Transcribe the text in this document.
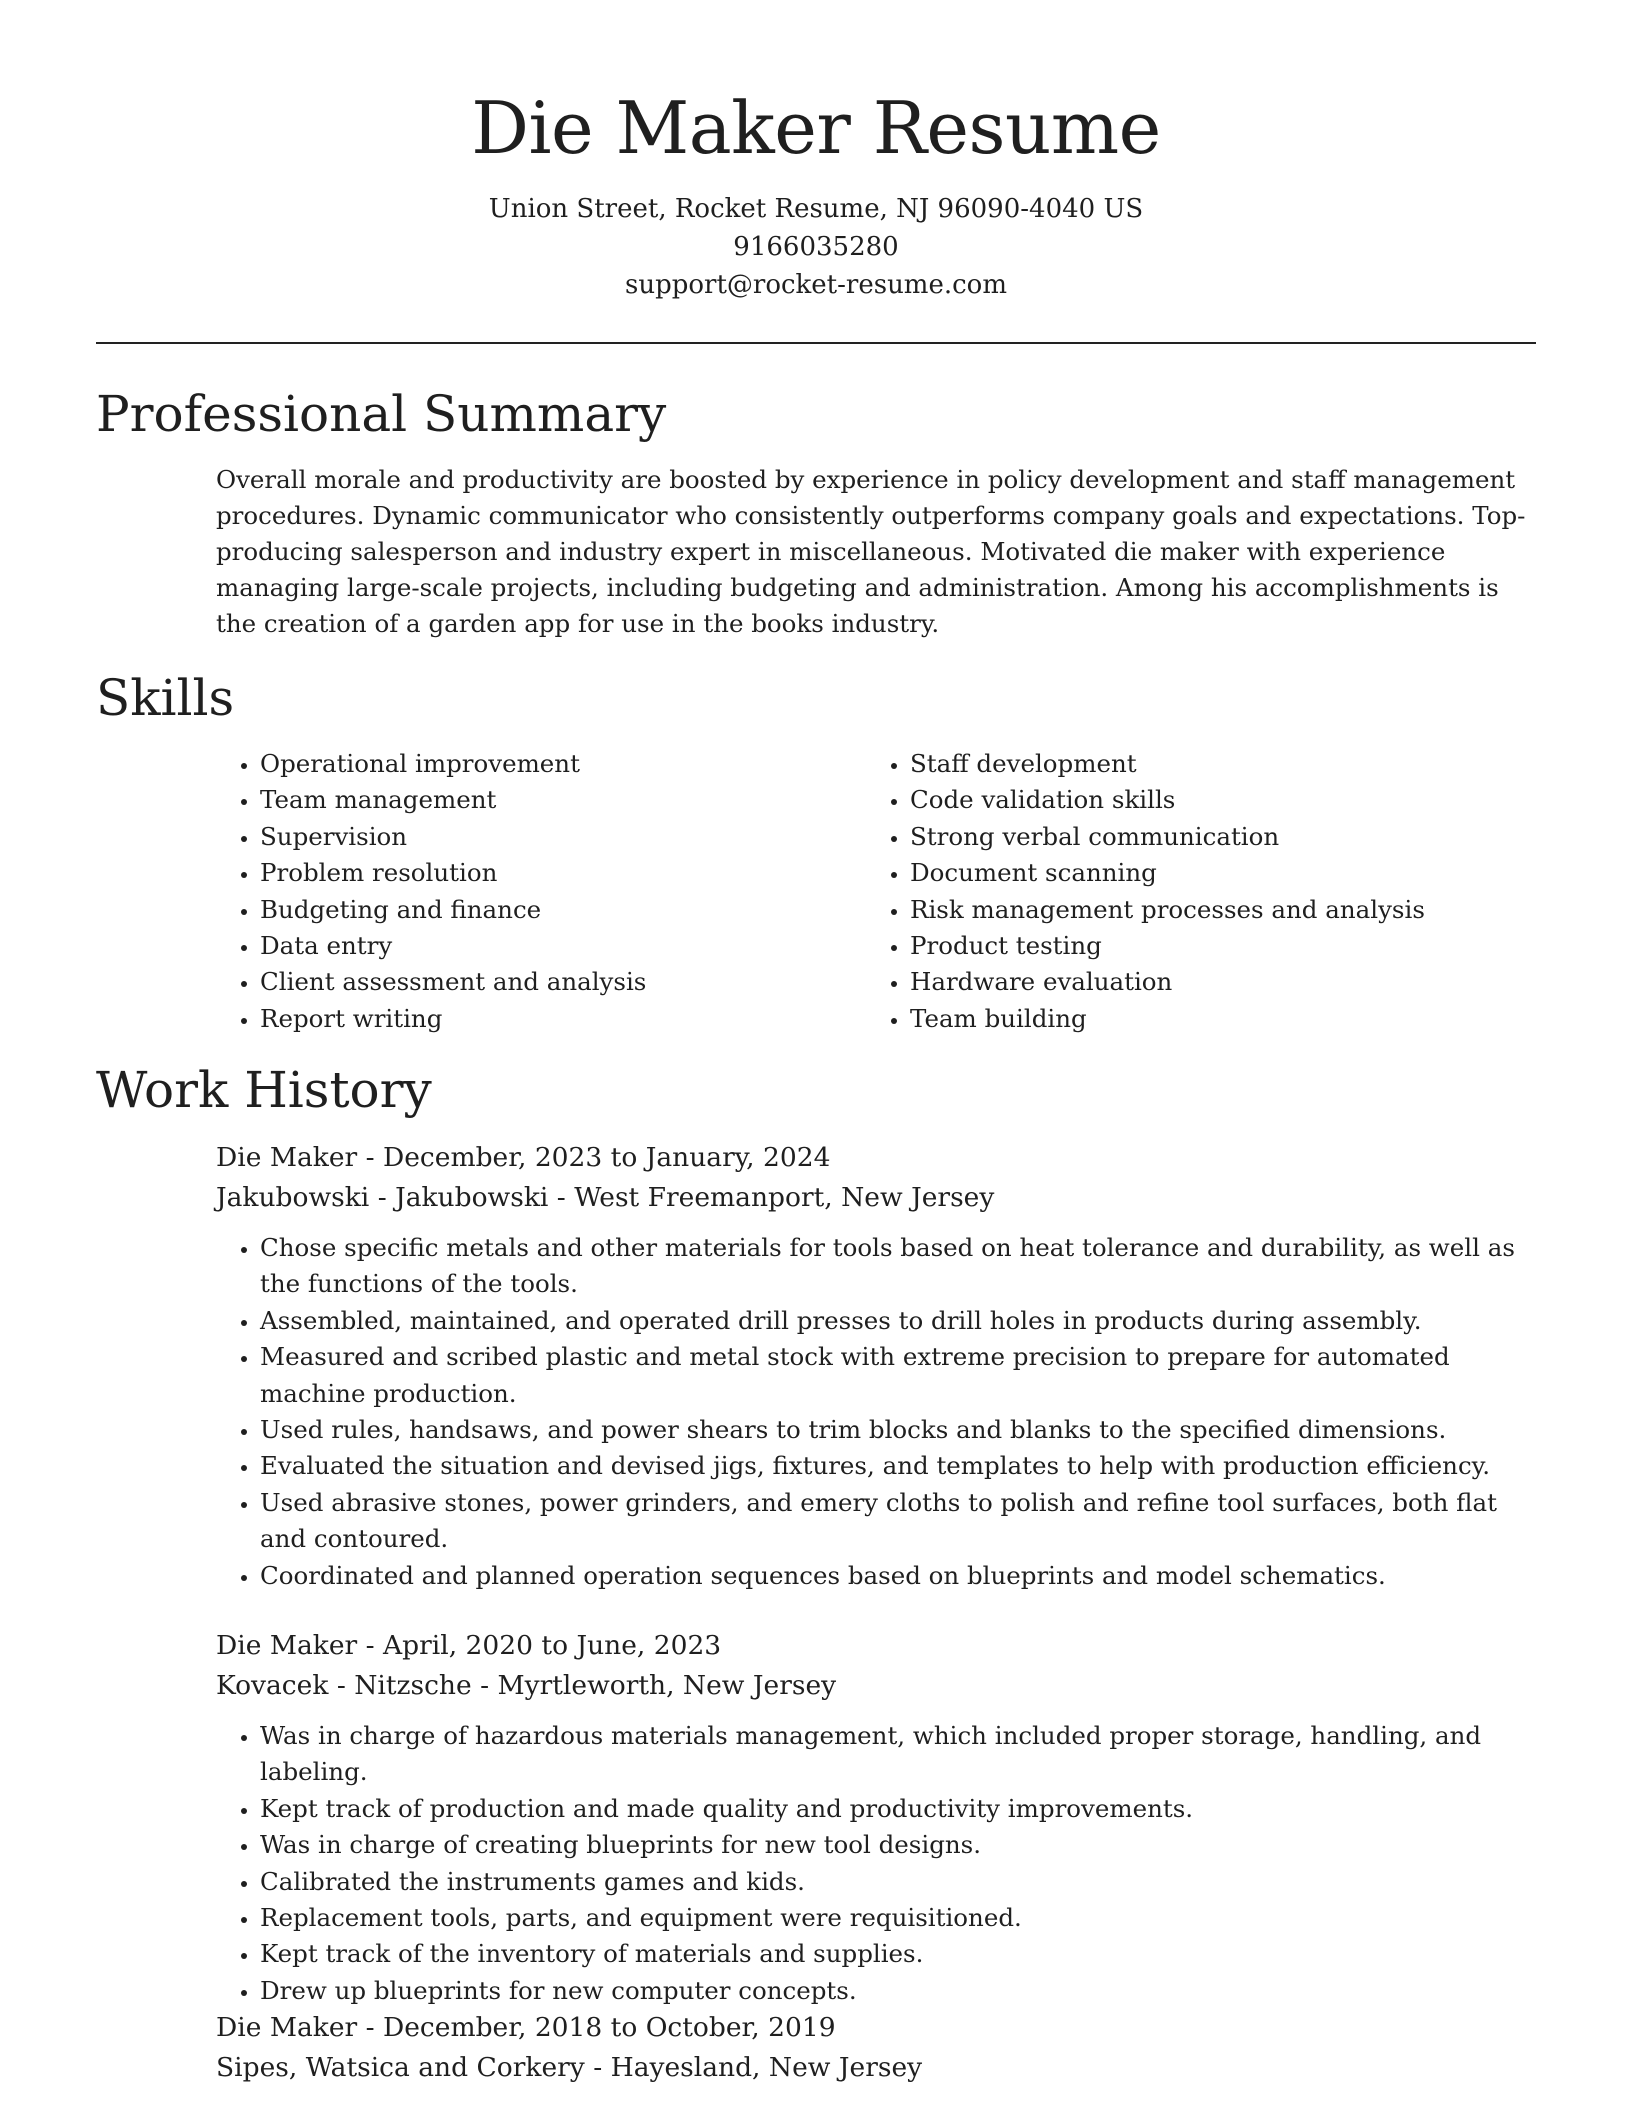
Die Maker Resume
Union Street, Rocket Resume, NJ 96090-4040 US
9166035280
support@rocket-resume.com
Professional Summary

Overall morale and productivity are boosted by experience in policy development and staff management procedures. Dynamic communicator who consistently outperforms company goals and expectations. Top-producing salesperson and industry expert in miscellaneous. Motivated die maker with experience managing large-scale projects, including budgeting and administration. Among his accomplishments is the creation of a garden app for use in the books industry.

Skills
• Operational improvement
• Team management
• Supervision
• Problem resolution
• Budgeting and finance
• Data entry
• Client assessment and analysis
• Report writing
• Staff development
• Code validation skills
• Strong verbal communication
• Document scanning
• Risk management processes and analysis
• Product testing
• Hardware evaluation
• Team building
Work History
Die Maker - December, 2023 to January, 2024
Jakubowski - Jakubowski - West Freemanport, New Jersey
• Chose specific metals and other materials for tools based on heat tolerance and durability, as well as the functions of the tools.
• Assembled, maintained, and operated drill presses to drill holes in products during assembly.
• Measured and scribed plastic and metal stock with extreme precision to prepare for automated machine production.
• Used rules, handsaws, and power shears to trim blocks and blanks to the specified dimensions.
• Evaluated the situation and devised jigs, fixtures, and templates to help with production efficiency.
• Used abrasive stones, power grinders, and emery cloths to polish and refine tool surfaces, both flat and contoured.
• Coordinated and planned operation sequences based on blueprints and model schematics.
Die Maker - April, 2020 to June, 2023
Kovacek - Nitzsche - Myrtleworth, New Jersey
• Was in charge of hazardous materials management, which included proper storage, handling, and labeling.
• Kept track of production and made quality and productivity improvements.
• Was in charge of creating blueprints for new tool designs.
• Calibrated the instruments games and kids.
• Replacement tools, parts, and equipment were requisitioned.
• Kept track of the inventory of materials and supplies.
• Drew up blueprints for new computer concepts.
Die Maker - December, 2018 to October, 2019
Sipes, Watsica and Corkery - Hayesland, New Jersey
